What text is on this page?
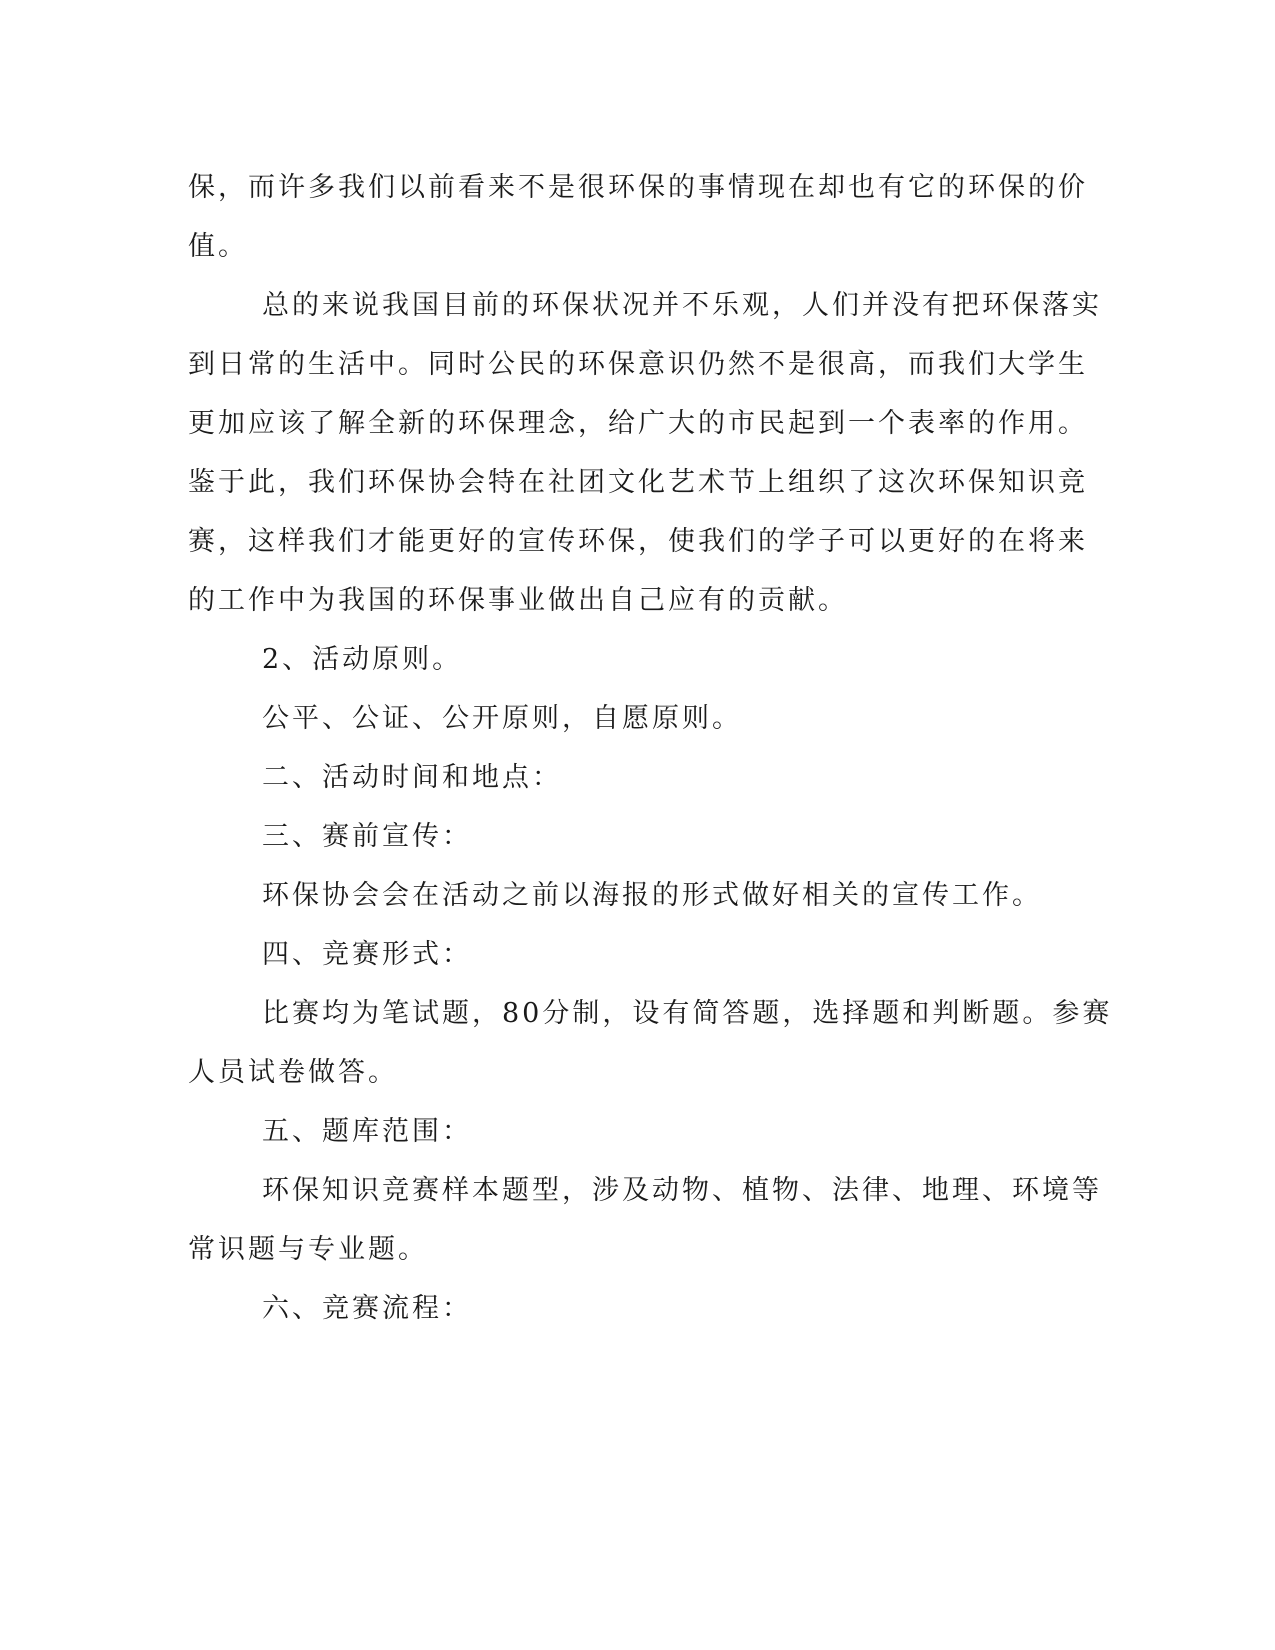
保，而许多我们以前看来不是很环保的事情现在却也有它的环保的价

值。

总的来说我国目前的环保状况并不乐观，人们并没有把环保落实

到日常的生活中。同时公民的环保意识仍然不是很高，而我们大学生

更加应该了解全新的环保理念，给广大的市民起到一个表率的作用。

鉴于此，我们环保协会特在社团文化艺术节上组织了这次环保知识竞

赛，这样我们才能更好的宣传环保，使我们的学子可以更好的在将来

的工作中为我国的环保事业做出自己应有的贡献。

2、活动原则。

公平、公证、公开原则，自愿原则。

二、活动时间和地点：

三、赛前宣传：

环保协会会在活动之前以海报的形式做好相关的宣传工作。

四、竞赛形式：

比赛均为笔试题，80分制，设有简答题，选择题和判断题。参赛

人员试卷做答。

五、题库范围：

环保知识竞赛样本题型，涉及动物、植物、法律、地理、环境等

常识题与专业题。

六、竞赛流程：
